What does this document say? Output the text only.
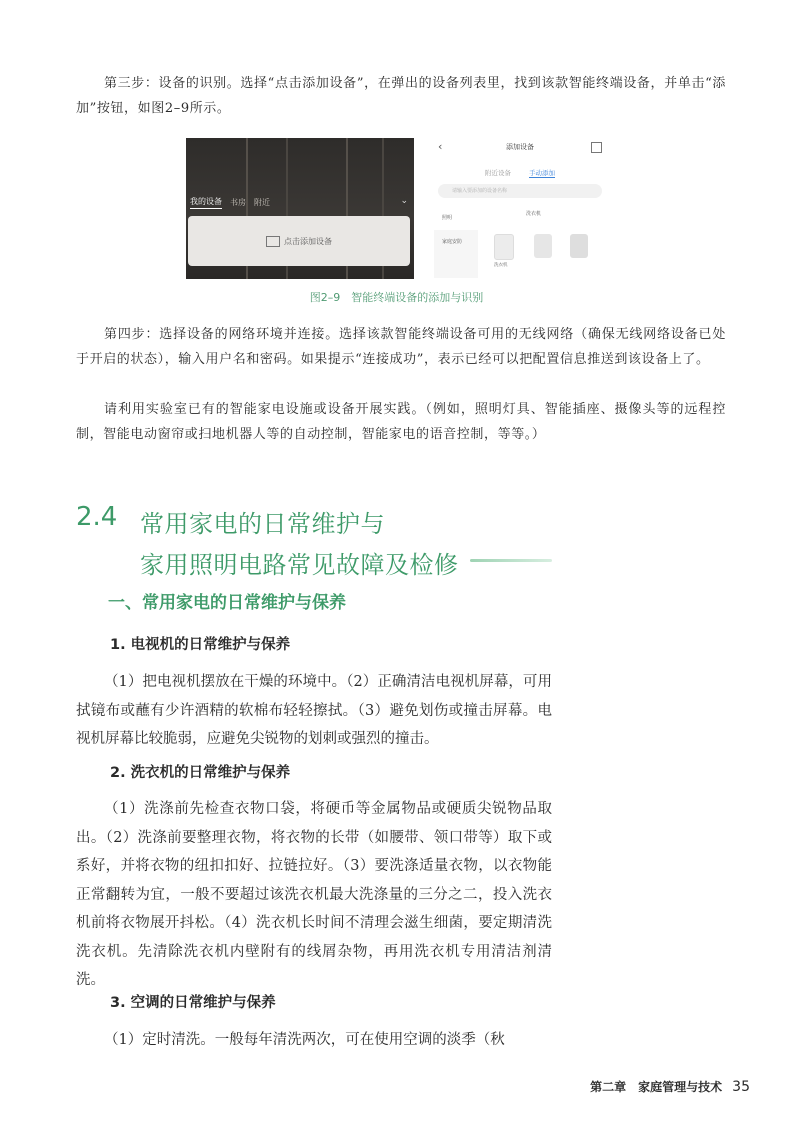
第三步：设备的识别。选择“点击添加设备”，在弹出的设备列表里，找到该款智能终端设备，并单击“添加”按钮，如图2–9所示。
我的设备 书房 附近	⌄
点击添加设备
‹	添加设备
附近设备	手动添加
请输入要添加的设备名称
照明
家庭安防
洗衣机
洗衣机
图2–9　智能终端设备的添加与识别
第四步：选择设备的网络环境并连接。选择该款智能终端设备可用的无线网络（确保无线网络设备已处于开启的状态），输入用户名和密码。如果提示“连接成功”，表示已经可以把配置信息推送到该设备上了。
请利用实验室已有的智能家电设施或设备开展实践。（例如，照明灯具、智能插座、摄像头等的远程控制，智能电动窗帘或扫地机器人等的自动控制，智能家电的语音控制，等等。）
2.4 常用家电的日常维护与
家用照明电路常见故障及检修
一、常用家电的日常维护与保养
1. 电视机的日常维护与保养
（1）把电视机摆放在干燥的环境中。（2）正确清洁电视机屏幕，可用拭镜布或蘸有少许酒精的软棉布轻轻擦拭。（3）避免划伤或撞击屏幕。电视机屏幕比较脆弱，应避免尖锐物的划刺或强烈的撞击。
2. 洗衣机的日常维护与保养
（1）洗涤前先检查衣物口袋，将硬币等金属物品或硬质尖锐物品取出。（2）洗涤前要整理衣物，将衣物的长带（如腰带、领口带等）取下或系好，并将衣物的纽扣扣好、拉链拉好。（3）要洗涤适量衣物，以衣物能正常翻转为宜，一般不要超过该洗衣机最大洗涤量的三分之二，投入洗衣机前将衣物展开抖松。（4）洗衣机长时间不清理会滋生细菌，要定期清洗洗衣机。先清除洗衣机内壁附有的线屑杂物，再用洗衣机专用清洁剂清洗。
3. 空调的日常维护与保养
（1）定时清洗。一般每年清洗两次，可在使用空调的淡季（秋
第二章　家庭管理与技术 35
